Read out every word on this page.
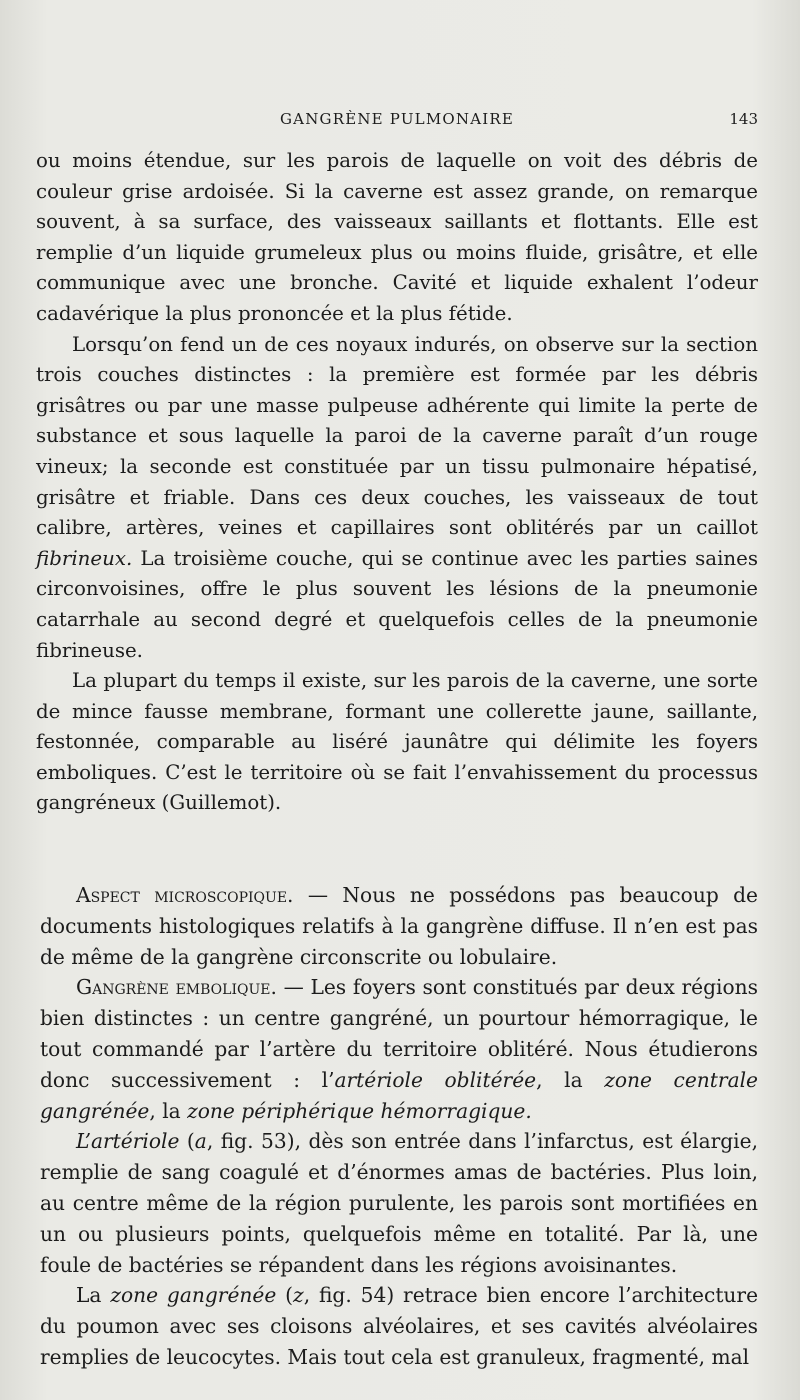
GANGRÈNE PULMONAIRE	143

ou moins étendue, sur les parois de laquelle on voit des débris de couleur grise ardoisée. Si la caverne est assez grande, on remarque souvent, à sa surface, des vaisseaux saillants et flottants. Elle est remplie d’un liquide grumeleux plus ou moins fluide, grisâtre, et elle communique avec une bronche. Cavité et liquide exhalent l’odeur cadavérique la plus prononcée et la plus fétide.

Lorsqu’on fend un de ces noyaux indurés, on observe sur la section trois couches distinctes : la première est formée par les débris grisâtres ou par une masse pulpeuse adhérente qui limite la perte de substance et sous laquelle la paroi de la caverne paraît d’un rouge vineux; la seconde est constituée par un tissu pulmonaire hépatisé, grisâtre et friable. Dans ces deux couches, les vaisseaux de tout calibre, artères, veines et capillaires sont oblitérés par un caillot fibrineux. La troisième couche, qui se continue avec les parties saines circonvoisines, offre le plus souvent les lésions de la pneumonie catarrhale au second degré et quelquefois celles de la pneumonie fibrineuse.

La plupart du temps il existe, sur les parois de la caverne, une sorte de mince fausse membrane, formant une collerette jaune, saillante, festonnée, comparable au liséré jaunâtre qui délimite les foyers emboliques. C’est le territoire où se fait l’envahissement du processus gangréneux (Guillemot).

Aspect microscopique. — Nous ne possédons pas beaucoup de documents histologiques relatifs à la gangrène diffuse. Il n’en est pas de même de la gangrène circonscrite ou lobulaire.

Gangrène embolique. — Les foyers sont constitués par deux régions bien distinctes : un centre gangréné, un pourtour hémorragique, le tout commandé par l’artère du territoire oblitéré. Nous étudierons donc successivement : l’artériole oblitérée, la zone centrale gangrénée, la zone périphérique hémorragique.

L’artériole (a, fig. 53), dès son entrée dans l’infarctus, est élargie, remplie de sang coagulé et d’énormes amas de bactéries. Plus loin, au centre même de la région purulente, les parois sont mortifiées en un ou plusieurs points, quelquefois même en totalité. Par là, une foule de bactéries se répandent dans les régions avoisinantes.

La zone gangrénée (z, fig. 54) retrace bien encore l’architecture du poumon avec ses cloisons alvéolaires, et ses cavités alvéolaires remplies de leucocytes. Mais tout cela est granuleux, fragmenté, mal
